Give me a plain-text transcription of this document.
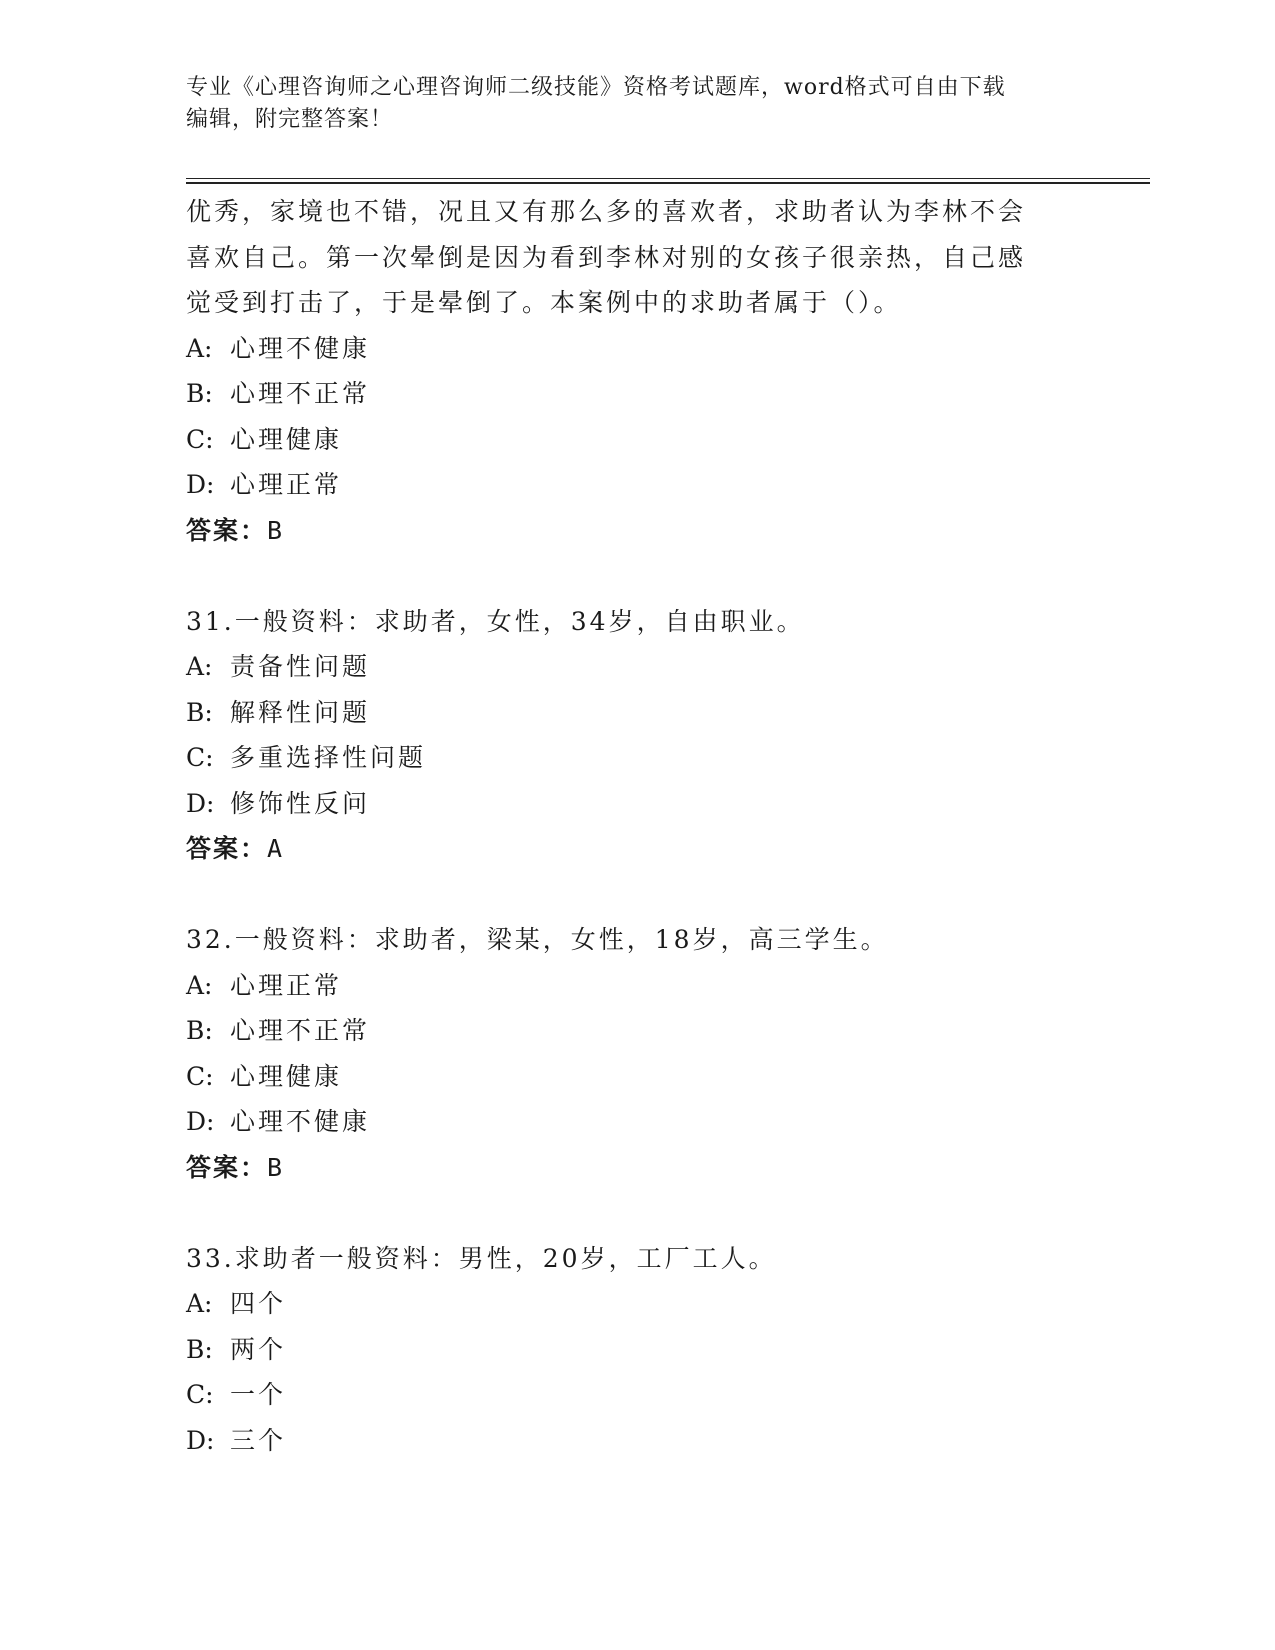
专业《心理咨询师之心理咨询师二级技能》资格考试题库，word格式可自由下载
编辑，附完整答案！
优秀，家境也不错，况且又有那么多的喜欢者，求助者认为李林不会
喜欢自己。第一次晕倒是因为看到李林对别的女孩子很亲热，自己感
觉受到打击了，于是晕倒了。本案例中的求助者属于（）。
A: 心理不健康
B: 心理不正常
C: 心理健康
D: 心理正常
答案：B
31.一般资料：求助者，女性，34岁，自由职业。
A: 责备性问题
B: 解释性问题
C: 多重选择性问题
D: 修饰性反问
答案：A
32.一般资料：求助者，梁某，女性，18岁，高三学生。
A: 心理正常
B: 心理不正常
C: 心理健康
D: 心理不健康
答案：B
33.求助者一般资料：男性，20岁，工厂工人。
A: 四个
B: 两个
C: 一个
D: 三个
